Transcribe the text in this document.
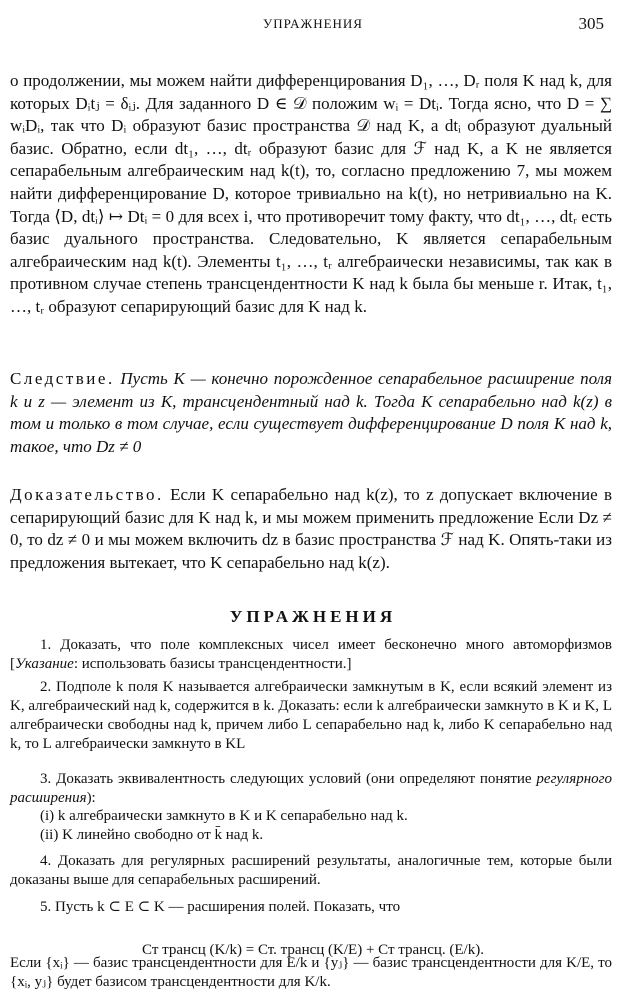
УПРАЖНЕНИЯ	305

о продолжении, мы можем найти дифференцирования D₁, …, Dᵣ поля K над k, для которых Dᵢtⱼ = δᵢⱼ. Для заданного D ∈ 𝒟 положим wᵢ = Dtᵢ. Тогда ясно, что D = ∑ wᵢDᵢ, так что Dᵢ образуют базис пространства 𝒟 над K, а dtᵢ образуют дуальный базис. Обратно, если dt₁, …, dtᵣ образуют базис для ℱ над K, а K не является сепарабельным алгебраическим над k(t), то, согласно предложению 7, мы можем найти дифференцирование D, которое тривиально на k(t), но нетривиально на K. Тогда ⟨D, dtᵢ⟩ ↦ Dtᵢ = 0 для всех i, что противоречит тому факту, что dt₁, …, dtᵣ есть базис дуального пространства. Следовательно, K является сепарабельным алгебраическим над k(t). Элементы t₁, …, tᵣ алгебраически независимы, так как в противном случае степень трансцендентности K над k была бы меньше r. Итак, t₁, …, tᵣ образуют сепарирующий базис для K над k.

Следствие. Пусть K — конечно порожденное сепарабельное расширение поля k и z — элемент из K, трансцендентный над k. Тогда K сепарабельно над k(z) в том и только в том случае, если существует дифференцирование D поля K над k, такое, что Dz ≠ 0

Доказательство. Если K сепарабельно над k(z), то z допускает включение в сепарирующий базис для K над k, и мы можем применить предложение Если Dz ≠ 0, то dz ≠ 0 и мы можем включить dz в базис пространства ℱ над K. Опять-таки из предложения вытекает, что K сепарабельно над k(z).

УПРАЖНЕНИЯ

1. Доказать, что поле комплексных чисел имеет бесконечно много автоморфизмов [Указание: использовать базисы трансцендентности.]

2. Подполе k поля K называется алгебраически замкнутым в K, если всякий элемент из K, алгебраический над k, содержится в k. Доказать: если k алгебраически замкнуто в K и K, L алгебраически свободны над k, причем либо L сепарабельно над k, либо K сепарабельно над k, то L алгебраически замкнуто в KL

3. Доказать эквивалентность следующих условий (они определяют понятие регулярного расширения):

(i) k алгебраически замкнуто в K и K сепарабельно над k.
(ii) K линейно свободно от k̄ над k.

4. Доказать для регулярных расширений результаты, аналогичные тем, которые были доказаны выше для сепарабельных расширений.

5. Пусть k ⊂ E ⊂ K — расширения полей. Показать, что

Ст трансц (K/k) = Ст. трансц (K/E) + Ст трансц. (E/k).

Если {xᵢ} — базис трансцендентности для E/k и {yⱼ} — базис трансцендентности для K/E, то {xᵢ, yⱼ} будет базисом трансцендентности для K/k.
